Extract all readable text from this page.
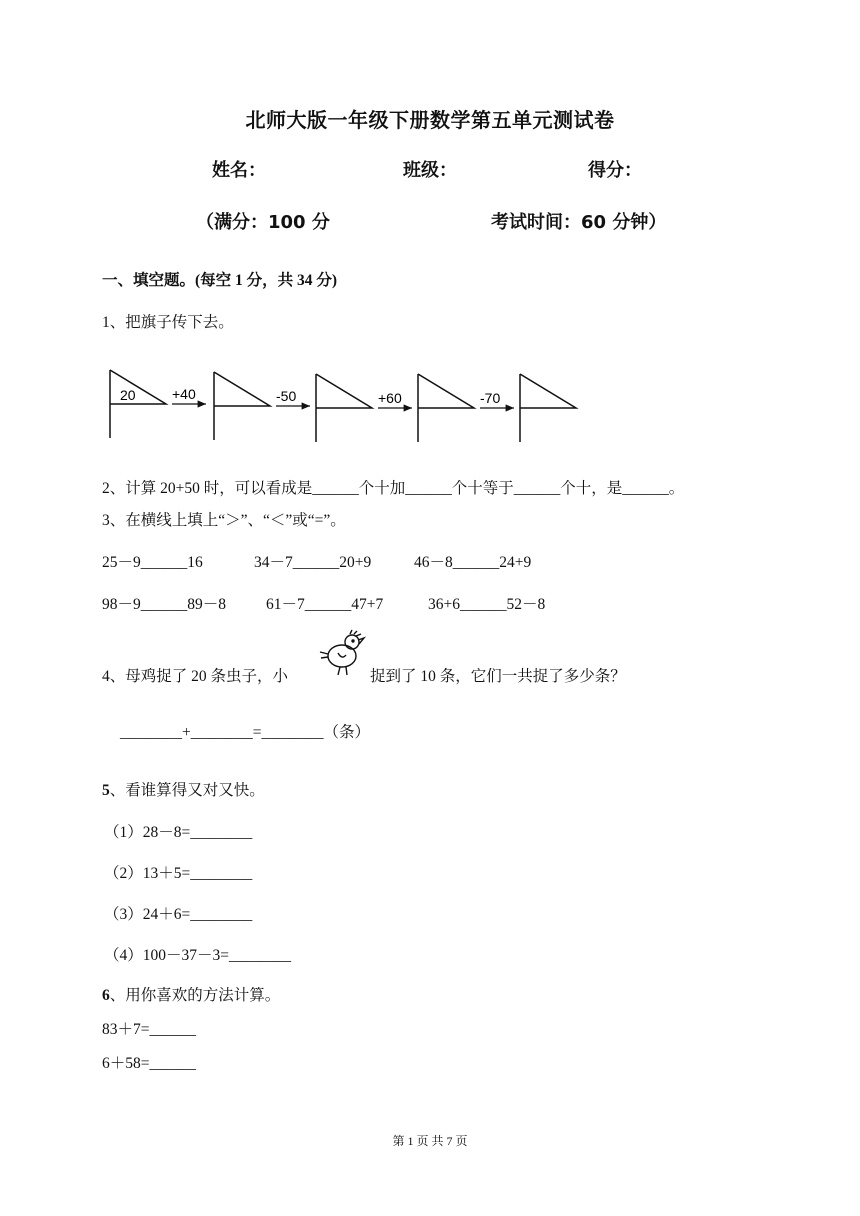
北师大版一年级下册数学第五单元测试卷
姓名：	班级：	得分：
（满分：100 分	考试时间：60 分钟）
一、填空题。(每空 1 分，共 34 分)
1、把旗子传下去。
20	+40	-50	+60	-70
2、计算 20+50 时，可以看成是______个十加______个十等于______个十，是______。
3、在横线上填上“＞”、“＜”或“=”。
25－9______16	34－7______20+9	46－8______24+9
98－9______89－8	61－7______47+7	36+6______52－8
4、母鸡捉了 20 条虫子，小	捉到了 10 条，它们一共捉了多少条？
________+________=________（条）
5、看谁算得又对又快。
（1）28－8=________
（2）13＋5=________
（3）24＋6=________
（4）100－37－3=________
6、用你喜欢的方法计算。
83＋7=______
6＋58=______
第 1 页 共 7 页
